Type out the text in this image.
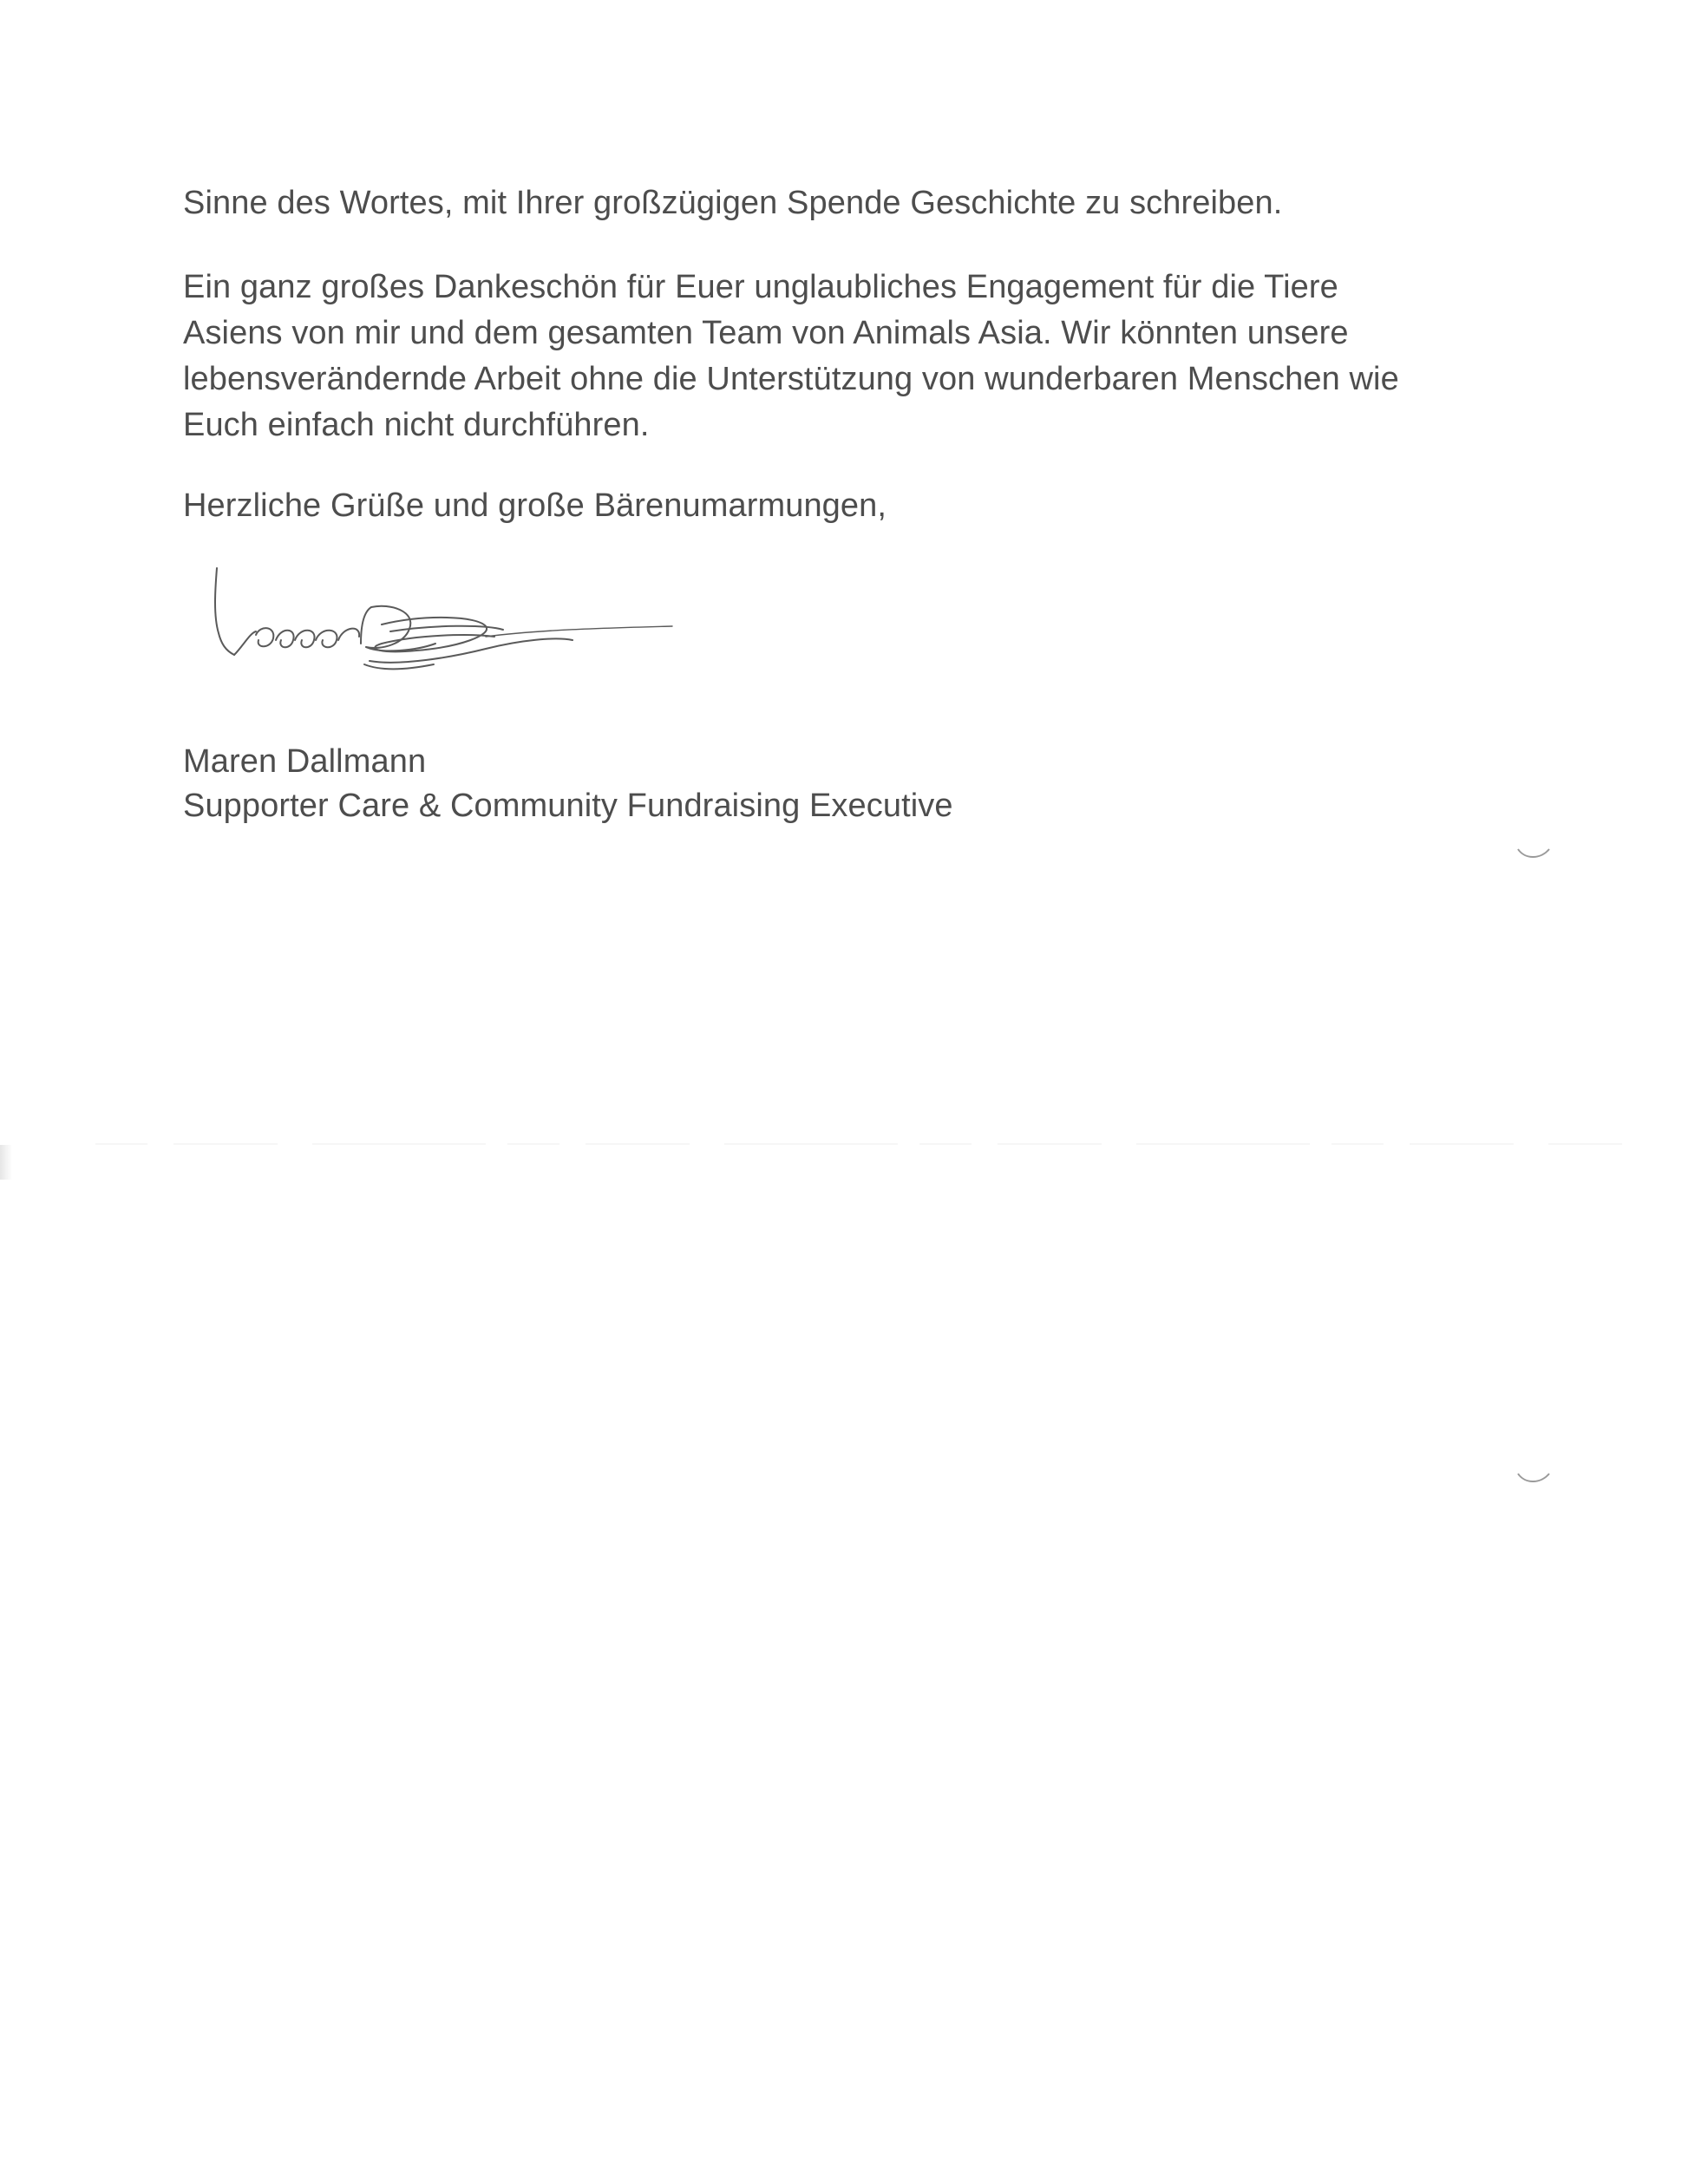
Sinne des Wortes, mit Ihrer großzügigen Spende Geschichte zu schreiben.

Ein ganz großes Dankeschön für Euer unglaubliches Engagement für die Tiere
Asiens von mir und dem gesamten Team von Animals Asia. Wir könnten unsere
lebensverändernde Arbeit ohne die Unterstützung von wunderbaren Menschen wie
Euch einfach nicht durchführen.

Herzliche Grüße und große Bärenumarmungen,

Maren Dallmann

Supporter Care & Community Fundraising Executive
